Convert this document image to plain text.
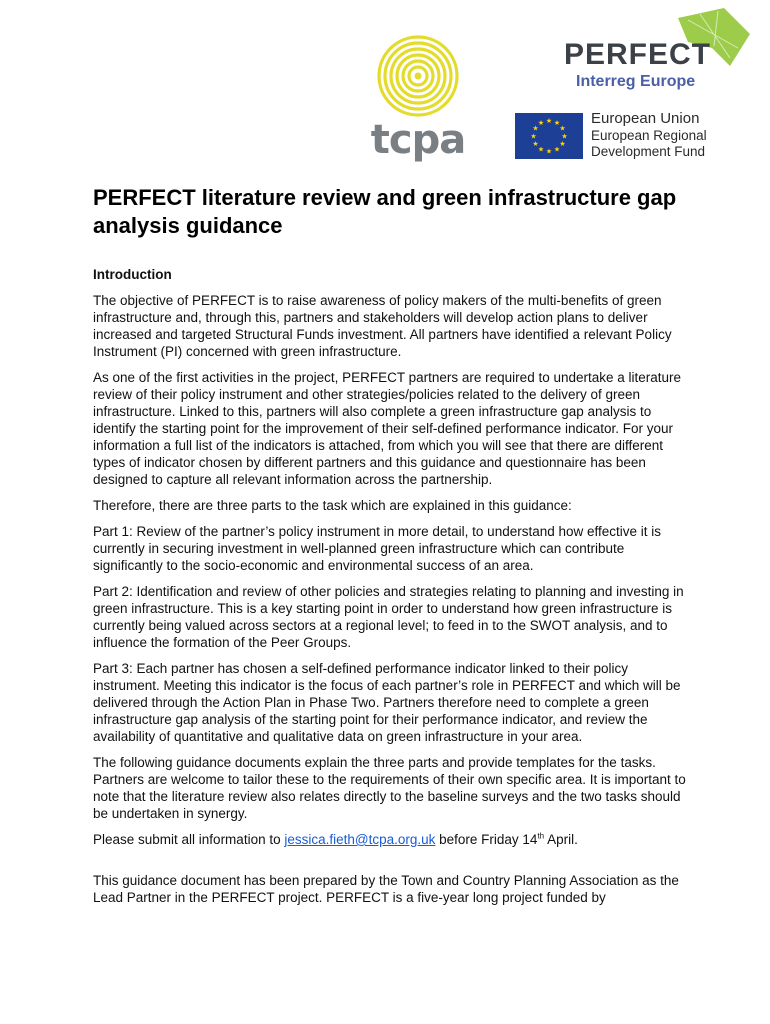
tcpa
PERFECT
Interreg Europe
★ ★
★
★
★
★
★
★
★
★
★
★	European Union
European Regional
Development Fund
PERFECT literature review and green infrastructure gap analysis guidance

Introduction

The objective of PERFECT is to raise awareness of policy makers of the multi-benefits of green infrastructure and, through this, partners and stakeholders will develop action plans to deliver increased and targeted Structural Funds investment. All partners have identified a relevant Policy Instrument (PI) concerned with green infrastructure.

As one of the first activities in the project, PERFECT partners are required to undertake a literature review of their policy instrument and other strategies/policies related to the delivery of green infrastructure. Linked to this, partners will also complete a green infrastructure gap analysis to identify the starting point for the improvement of their self-defined performance indicator. For your information a full list of the indicators is attached, from which you will see that there are different types of indicator chosen by different partners and this guidance and questionnaire has been designed to capture all relevant information across the partnership.

Therefore, there are three parts to the task which are explained in this guidance:

Part 1: Review of the partner’s policy instrument in more detail, to understand how effective it is currently in securing investment in well-planned green infrastructure which can contribute significantly to the socio-economic and environmental success of an area.

Part 2: Identification and review of other policies and strategies relating to planning and investing in green infrastructure. This is a key starting point in order to understand how green infrastructure is currently being valued across sectors at a regional level; to feed in to the SWOT analysis, and to influence the formation of the Peer Groups.

Part 3: Each partner has chosen a self-defined performance indicator linked to their policy instrument. Meeting this indicator is the focus of each partner’s role in PERFECT and which will be delivered through the Action Plan in Phase Two. Partners therefore need to complete a green infrastructure gap analysis of the starting point for their performance indicator, and review the availability of quantitative and qualitative data on green infrastructure in your area.

The following guidance documents explain the three parts and provide templates for the tasks. Partners are welcome to tailor these to the requirements of their own specific area. It is important to note that the literature review also relates directly to the baseline surveys and the two tasks should be undertaken in synergy.

Please submit all information to jessica.fieth@tcpa.org.uk before Friday 14th April.

This guidance document has been prepared by the Town and Country Planning Association as the Lead Partner in the PERFECT project. PERFECT is a five-year long project funded by
